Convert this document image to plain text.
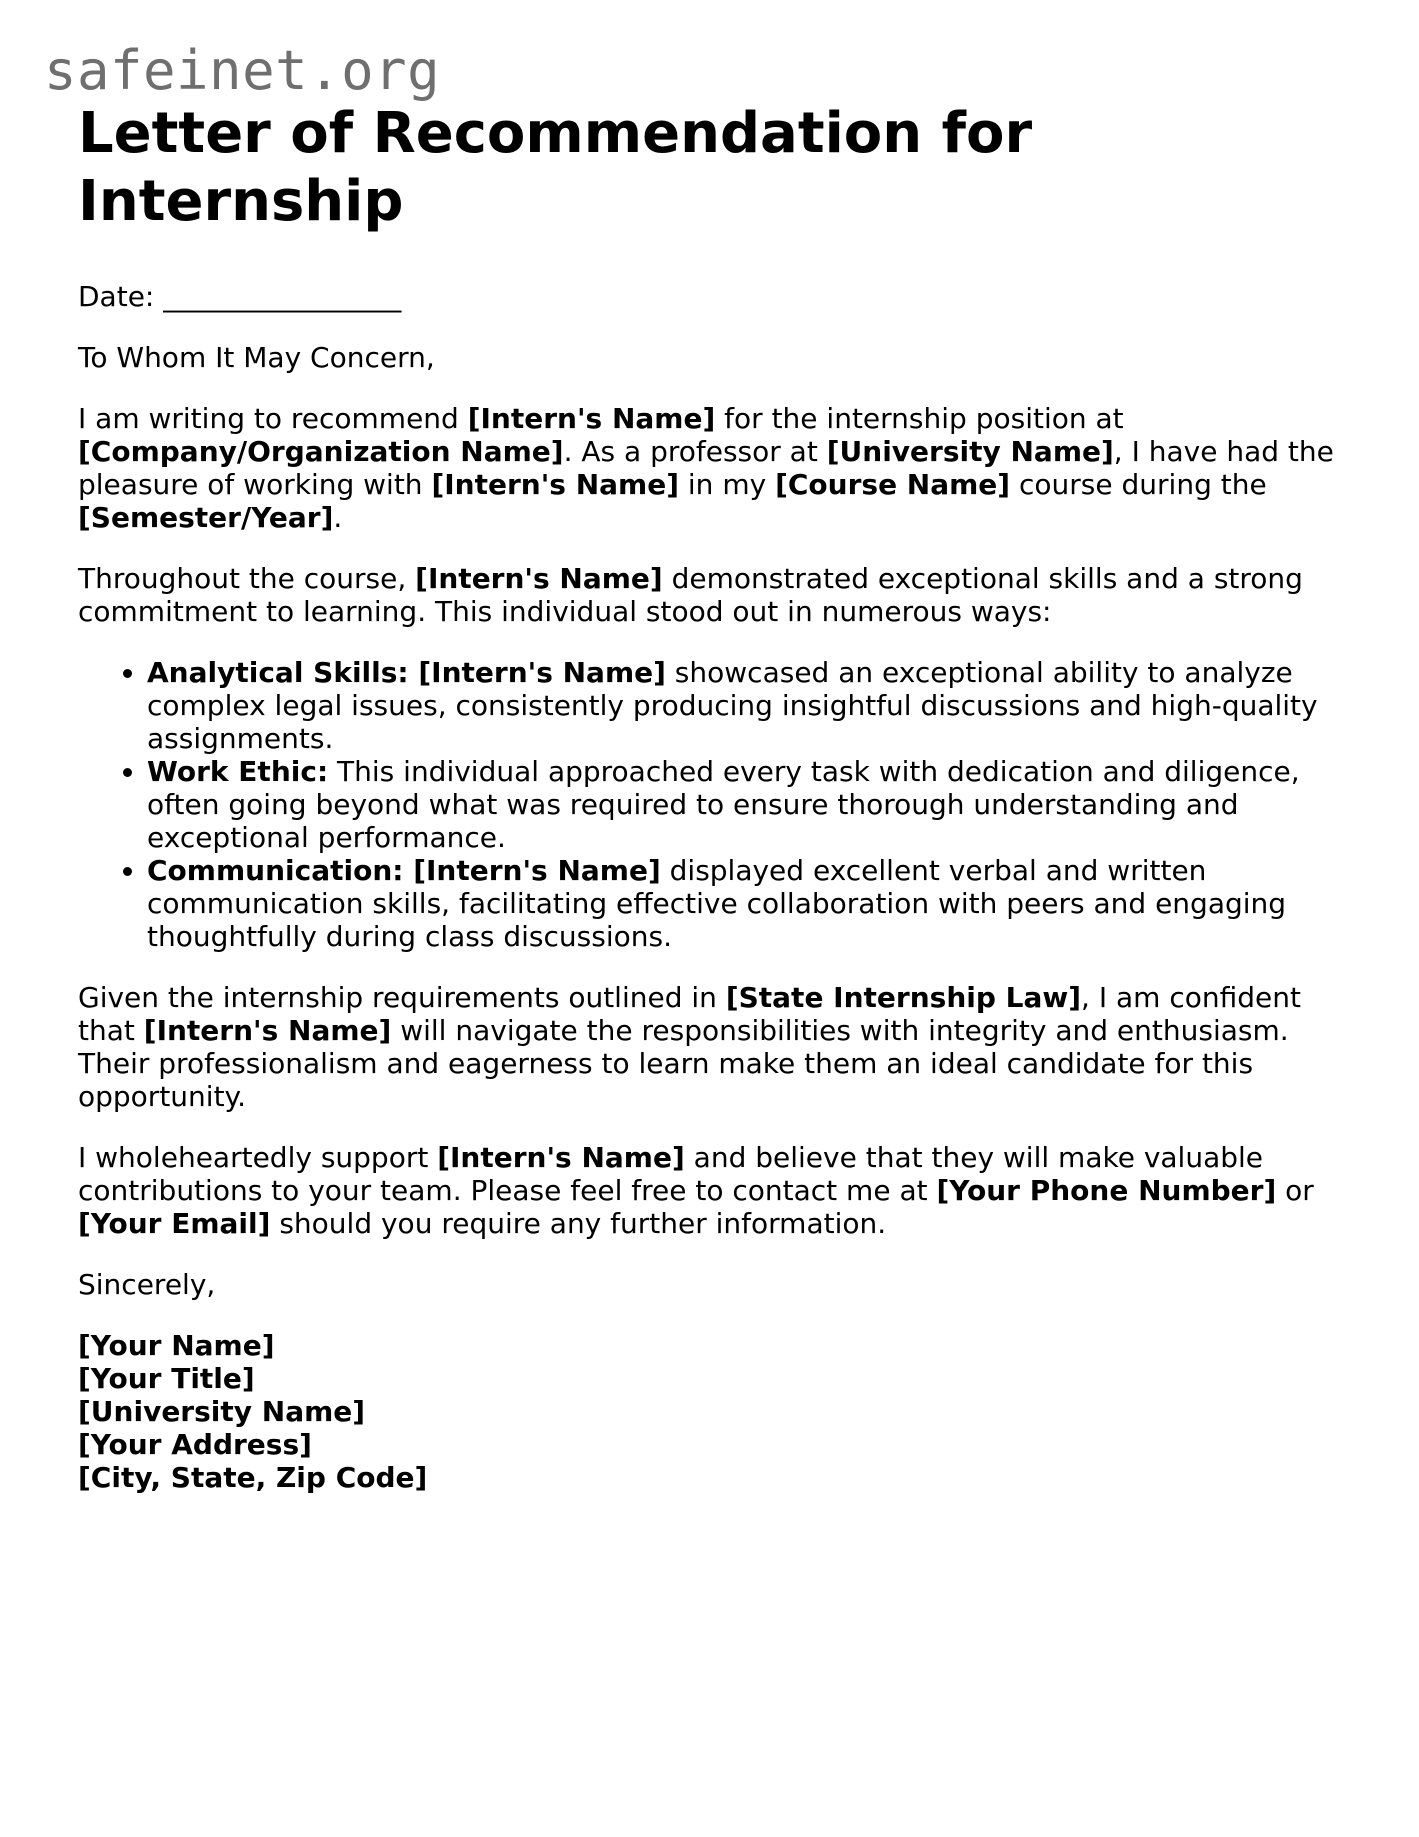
safeinet.org
Letter of Recommendation for Internship

Date: _________________

To Whom It May Concern,

I am writing to recommend [Intern's Name] for the internship position at [Company/Organization Name]. As a professor at [University Name], I have had the pleasure of working with [Intern's Name] in my [Course Name] course during the [Semester/Year].

Throughout the course, [Intern's Name] demonstrated exceptional skills and a strong commitment to learning. This individual stood out in numerous ways:

• Analytical Skills: [Intern's Name] showcased an exceptional ability to analyze complex legal issues, consistently producing insightful discussions and high-quality assignments.
• Work Ethic: This individual approached every task with dedication and diligence, often going beyond what was required to ensure thorough understanding and exceptional performance.
• Communication: [Intern's Name] displayed excellent verbal and written communication skills, facilitating effective collaboration with peers and engaging thoughtfully during class discussions.

Given the internship requirements outlined in [State Internship Law], I am confident that [Intern's Name] will navigate the responsibilities with integrity and enthusiasm. Their professionalism and eagerness to learn make them an ideal candidate for this opportunity.

I wholeheartedly support [Intern's Name] and believe that they will make valuable contributions to your team. Please feel free to contact me at [Your Phone Number] or [Your Email] should you require any further information.

Sincerely,

[Your Name]
[Your Title]
[University Name]
[Your Address]
[City, State, Zip Code]
